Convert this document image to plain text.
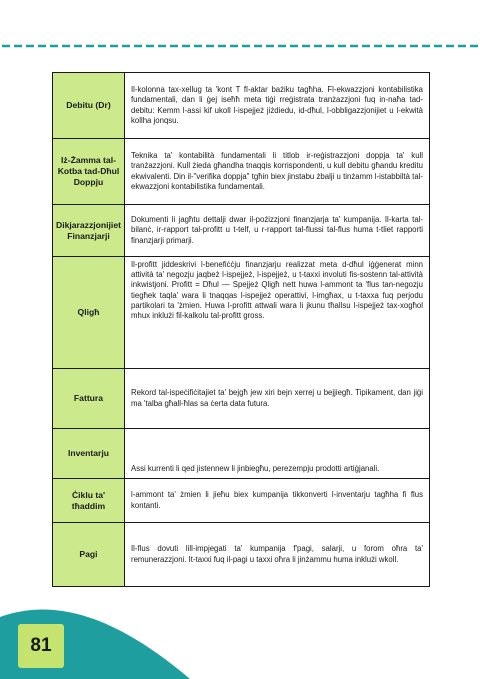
Debitu (Dr)	Il-kolonna tax-xellug ta 'kont T fl-aktar bażiku tagħha. Fl-ekwazzjoni kontabilistika fundamentali, dan li ġej iseħħ meta tiġi rreġistrata tranżazzjoni fuq in-naħa tad-debitu: Kemm l-assi kif ukoll l-ispejjeż jiżdiedu, id-dħul, l-obbligazzjonijiet u l-ekwità kollha jonqsu.
Iż-Żamma tal-Kotba tad-Dħul Doppju	Teknika ta' kontabilità fundamentali li titlob ir-reġistrazzjoni doppja ta' kull tranżazzjoni. Kull żieda għandha tnaqqis korrispondenti, u kull debitu għandu kreditu ekwivalenti. Din il-"verifika doppja" tgħin biex jinstabu żbalji u tinżamm l-istabbiltà tal-ekwazzjoni kontabilistika fundamentali.
Dikjarazzjonijiet Finanzjarji	Dokumenti li jagħtu dettalji dwar il-pożizzjoni finanzjarja ta' kumpanija. Il-karta tal-bilanċ, ir-rapport tal-profitt u t-telf, u r-rapport tal-flussi tal-flus huma t-tliet rapporti finanzjarji primarji.
Qligħ	Il-profitt jiddeskrivi l-benefiċċju finanzjarju realizzat meta d-dħul iġġenerat minn attività ta' negozju jaqbeż l-ispejjeż, l-ispejjeż, u t-taxxi involuti fis-sostenn tal-attività inkwistjoni. Profitt = Dħul — Spejjeż Qligħ nett huwa l-ammont ta 'flus tan-negozju tiegħek taqla' wara li tnaqqas l-ispejjeż operattivi, l-imgħax, u t-taxxa fuq perjodu partikolari ta 'żmien. Huwa l-profitt attwali wara li jkunu tħallsu l-ispejjeż tax-xogħol mhux inklużi fil-kalkolu tal-profitt gross.
Fattura	Rekord tal-ispeċifiċitajiet ta' bejgħ jew xiri bejn xerrej u bejjiegħ. Tipikament, dan jiġi ma 'talba għall-ħlas sa ċerta data futura.
Inventarju	Assi kurrenti li qed jistennew li jinbiegħu, perezempju prodotti artiġjanali.
Ċiklu ta' tħaddim	l-ammont ta' żmien li jieħu biex kumpanija tikkonverti l-inventarju tagħha fi flus kontanti.
Pagi	Il-flus dovuti lill-impjegati ta' kumpanija f'pagi, salarji, u forom oħra ta' remunerazzjoni. It-taxxi fuq il-pagi u taxxi oħra li jinżammu huma inklużi wkoll.
81
